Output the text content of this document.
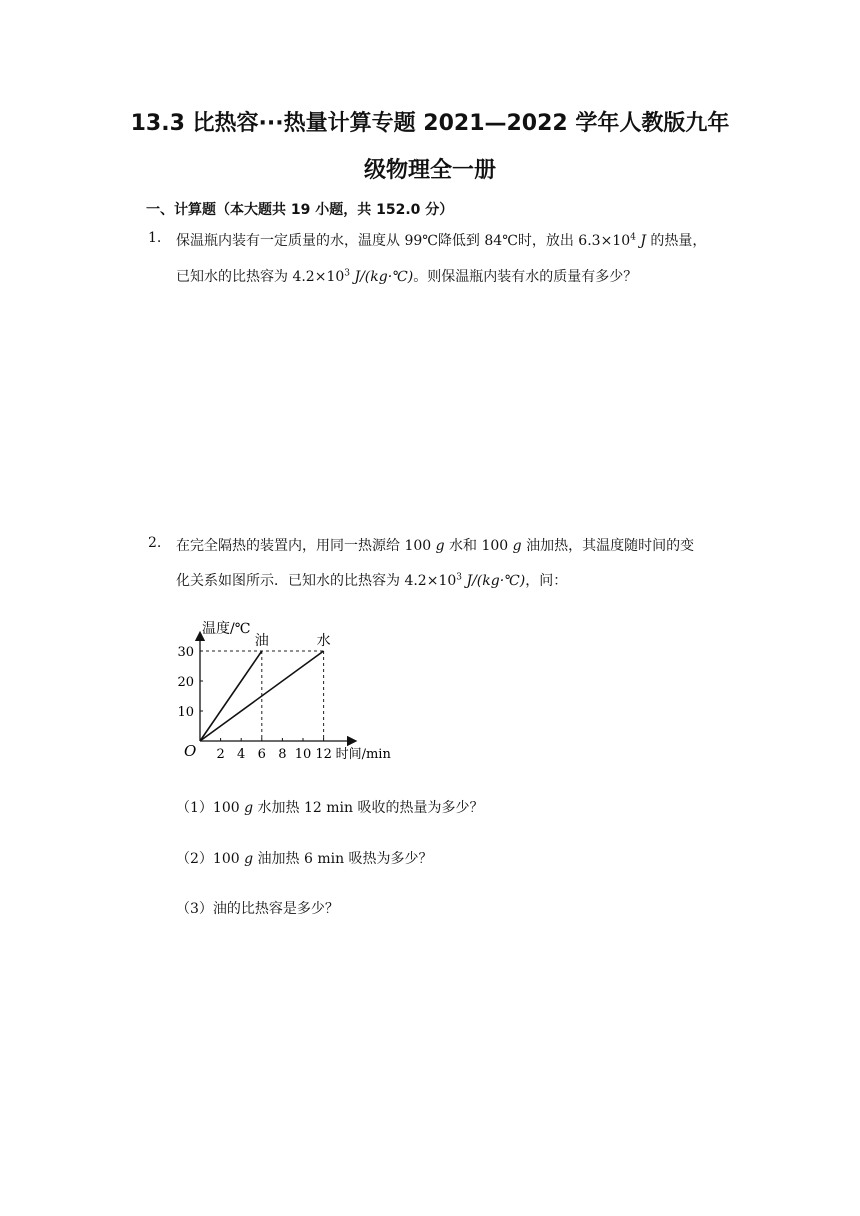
13.3 比热容···热量计算专题 2021—2022 学年人教版九年
级物理全一册

一、计算题（本大题共 19 小题，共 152.0 分）

1. 保温瓶内装有一定质量的水，温度从 99℃降低到 84℃时，放出 $6.3\times 10^4$ J 的热量，
已知水的比热容为 $4.2\times 10^3$ J/(kg·℃)。则保温瓶内装有水的质量有多少？
2. 在完全隔热的装置内，用同一热源给 100 g 水和 100 g 油加热，其温度随时间的变
化关系如图所示．已知水的比热容为 $4.2\times 10^3$ J/(kg·℃)，问：
2 4 6 8 10 12
10
20
30
温度/℃
O	时间/min
油	水
（1）100 g 水加热 12 min 吸收的热量为多少？
（2）100 g 油加热 6 min 吸热为多少？
（3）油的比热容是多少？
